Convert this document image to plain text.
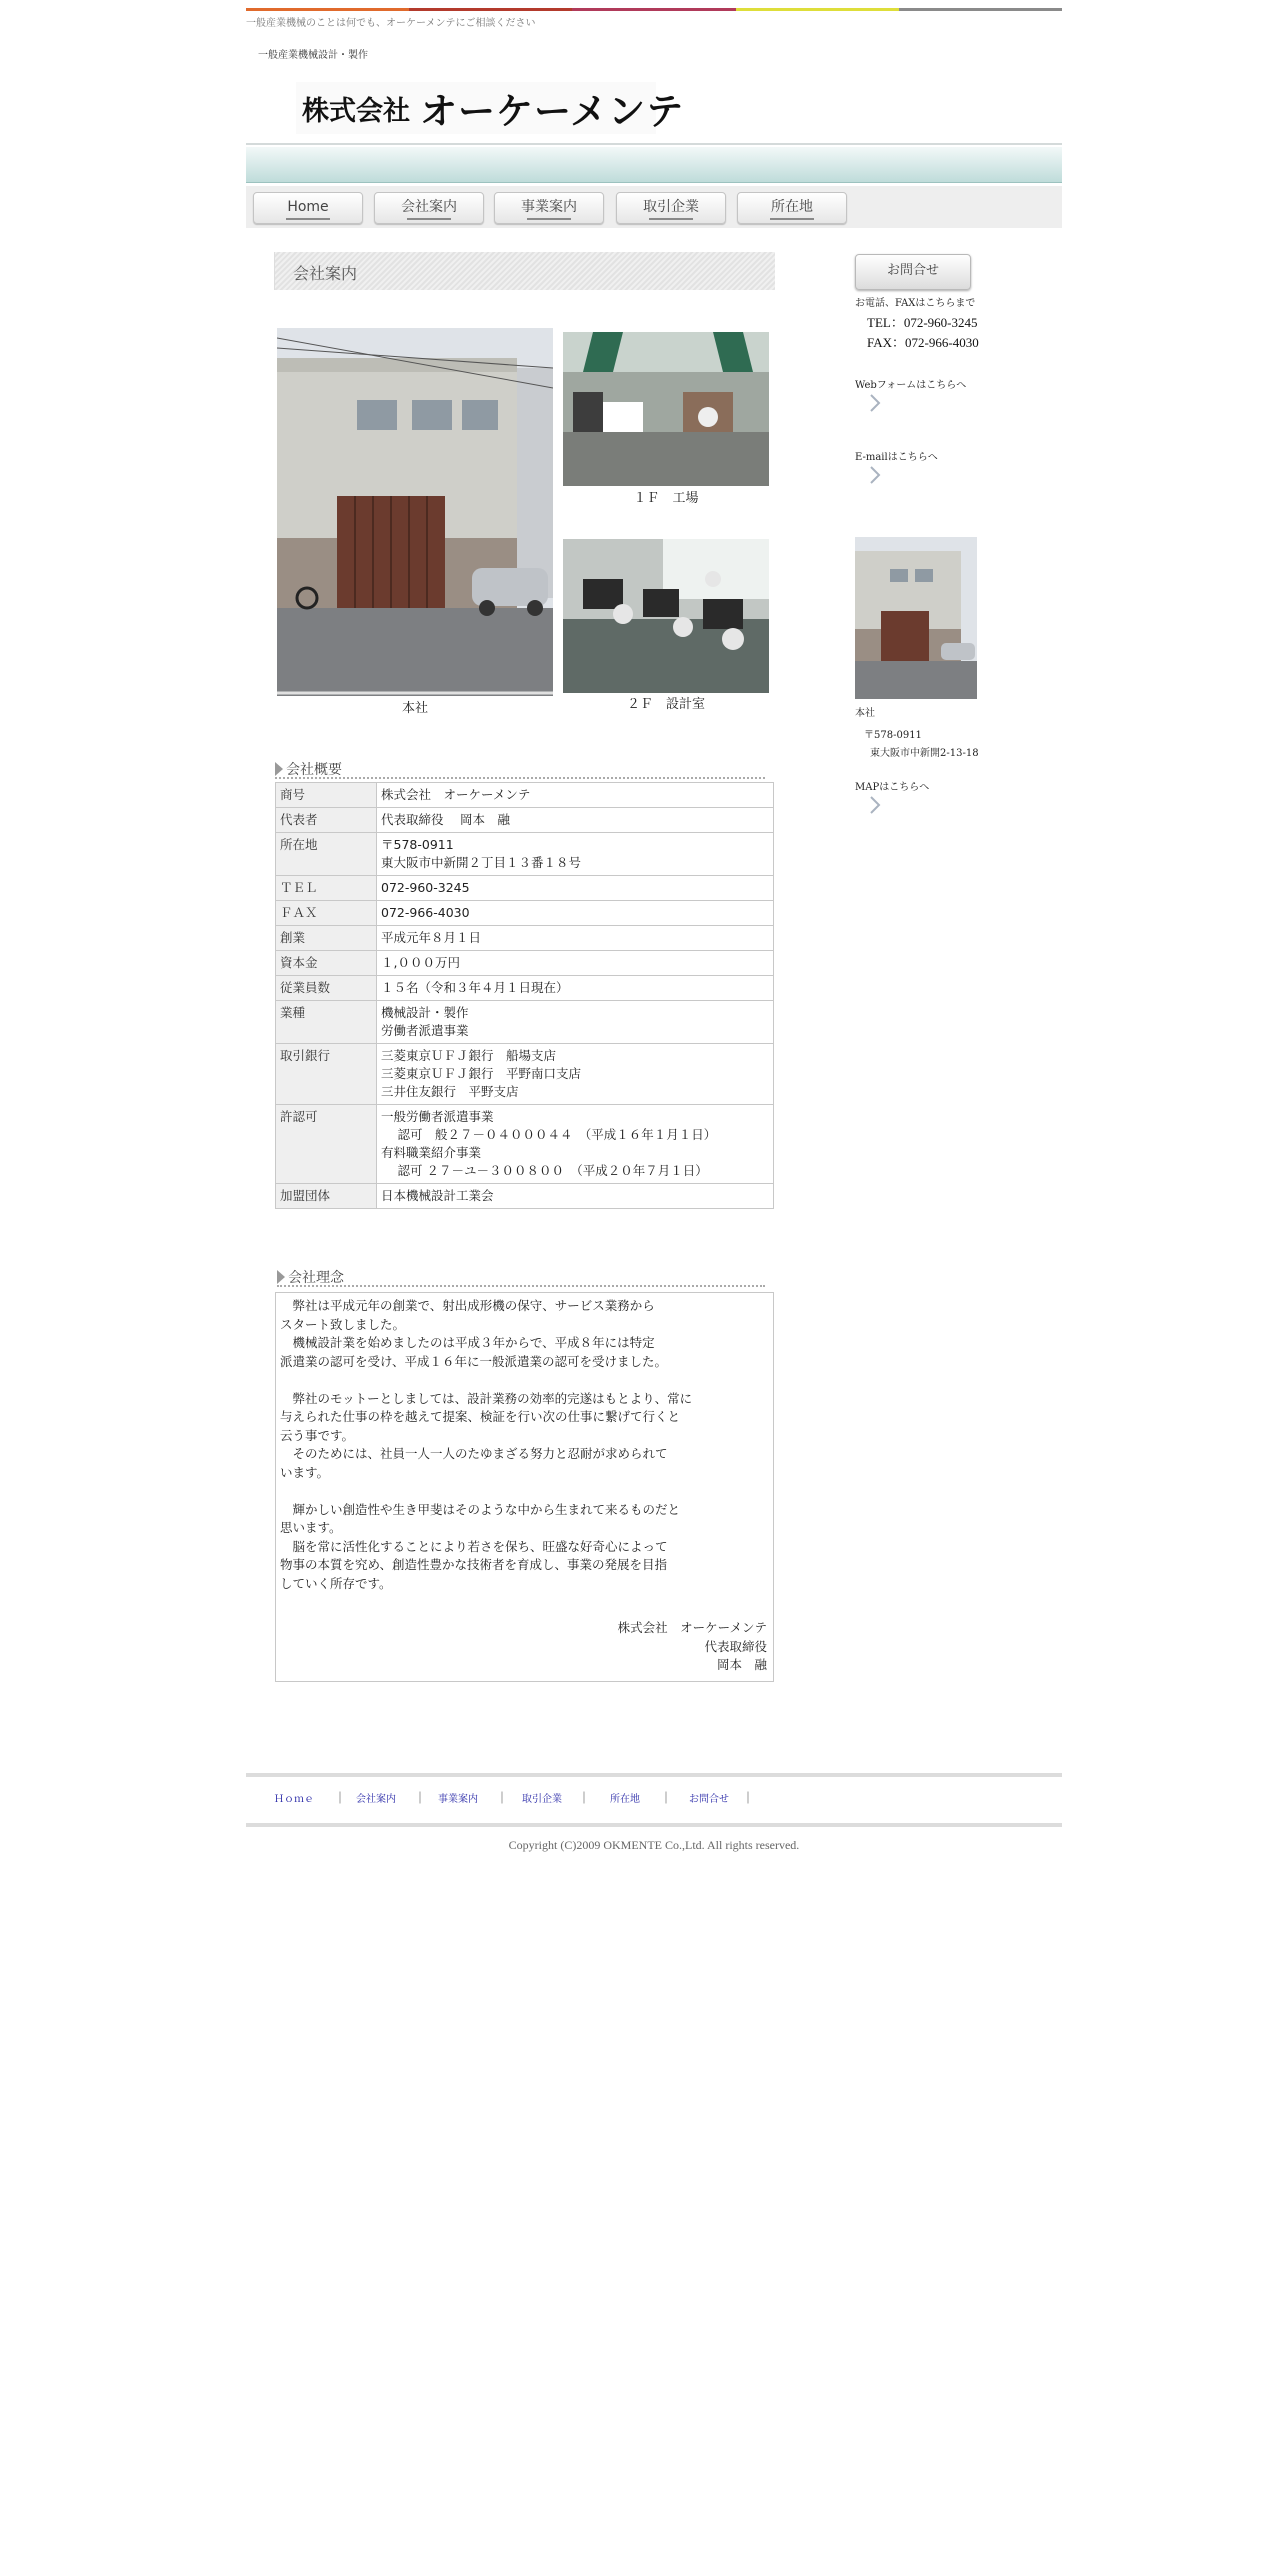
一般産業機械のことは何でも、オーケーメンテにご相談ください
一般産業機械設計・製作
株式会社 オーケーメンテ
Home	会社案内	事業案内	取引企業	所在地
会社案内
本社
１Ｆ　工場
２Ｆ　設計室
会社概要
商号	株式会社　オーケーメンテ
代表者	代表取締役　 岡本　融
所在地	〒578-0911
東大阪市中新開２丁目１３番１８号
ＴＥＬ	072-960-3245
ＦＡＸ	072-966-4030
創業	平成元年８月１日
資本金	１,０００万円
従業員数	１５名（令和３年４月１日現在）
業種	機械設計・製作
労働者派遣事業
取引銀行	三菱東京ＵＦＪ銀行　船場支店
三菱東京ＵＦＪ銀行　平野南口支店
三井住友銀行　平野支店
許認可	一般労働者派遣事業
　 認可　般２７－０４０００４４　（平成１６年１月１日）
有料職業紹介事業
　 認可 ２７－ユ－３００８００　（平成２０年７月１日）
加盟団体	日本機械設計工業会
会社理念
　弊社は平成元年の創業で、射出成形機の保守、サービス業務から
スタート致しました。
　機械設計業を始めましたのは平成３年からで、平成８年には特定
派遣業の認可を受け、平成１６年に一般派遣業の認可を受けました。

　弊社のモットーとしましては、設計業務の効率的完遂はもとより、常に
与えられた仕事の枠を越えて提案、検証を行い次の仕事に繋げて行くと
云う事です。
　そのためには、社員一人一人のたゆまざる努力と忍耐が求められて
います。

　輝かしい創造性や生き甲斐はそのような中から生まれて来るものだと
思います。
　脳を常に活性化することにより若さを保ち、旺盛な好奇心によって
物事の本質を究め、創造性豊かな技術者を育成し、事業の発展を目指
していく所存です。
株式会社　オーケーメンテ
代表取締役
岡本　融
お問合せ
お電話、FAXはこちらまで
TEL：072-960-3245
FAX：072-966-4030
Webフォームはこちらへ
E-mailはこちらへ
本社
〒578-0911
東大阪市中新開2-13-18
MAPはこちらへ
Ｈｏｍｅ ｜ 会社案内 ｜ 事業案内 ｜ 取引企業 ｜ 所在地 ｜ お問合せ ｜
Copyright (C)2009 OKMENTE Co.,Ltd. All rights reserved.
